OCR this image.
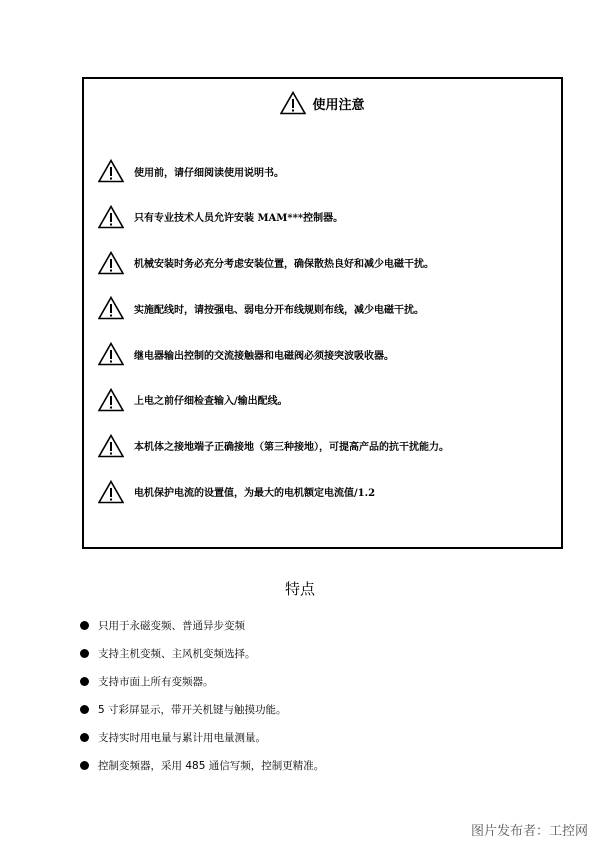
使用注意
使用前，请仔细阅读使用说明书。
只有专业技术人员允许安装 MAM***控制器。
机械安装时务必充分考虑安装位置，确保散热良好和减少电磁干扰。
实施配线时，请按强电、弱电分开布线规则布线，减少电磁干扰。
继电器输出控制的交流接触器和电磁阀必须接突波吸收器。
上电之前仔细检查输入/输出配线。
本机体之接地端子正确接地（第三种接地），可提高产品的抗干扰能力。
电机保护电流的设置值，为最大的电机额定电流值/1.2
特点
只用于永磁变频、普通异步变频
支持主机变频、主风机变频选择。
支持市面上所有变频器。
5 寸彩屏显示，带开关机键与触摸功能。
支持实时用电量与累计用电量测量。
控制变频器，采用 485 通信写频，控制更精准。
图片发布者：工控网
